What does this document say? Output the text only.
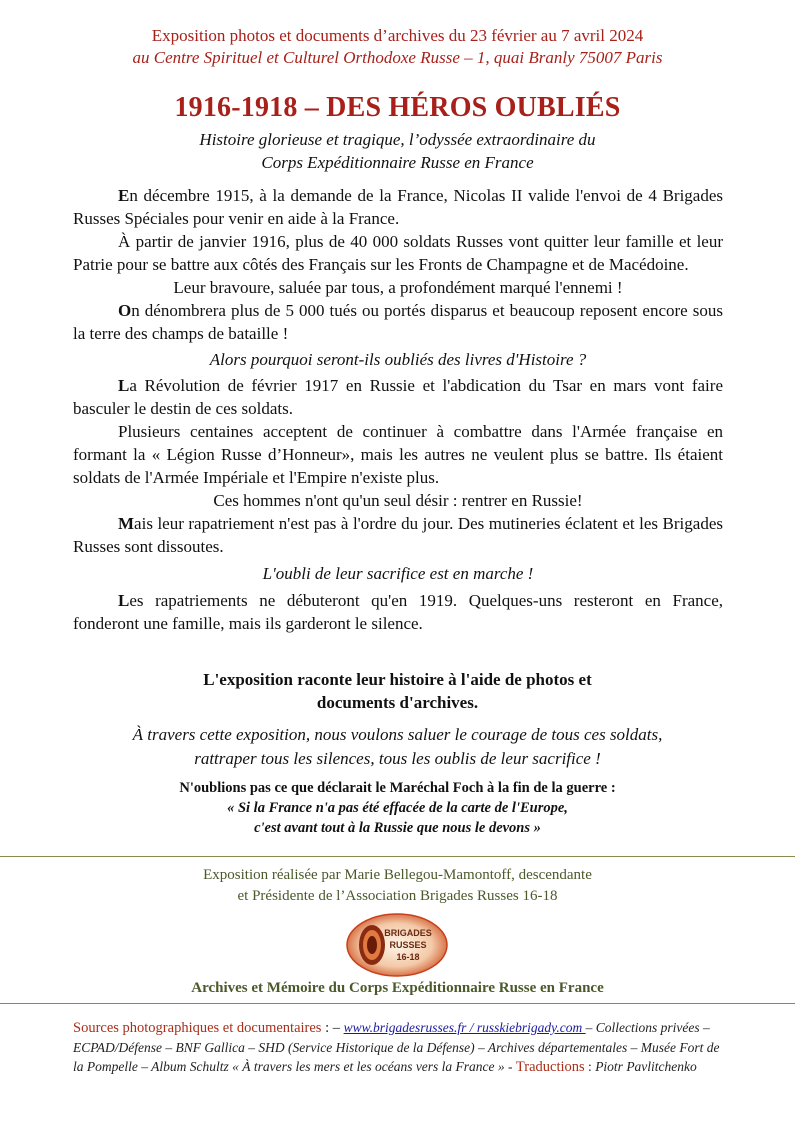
Exposition photos et documents d’archives du 23 février au 7 avril 2024
au Centre Spirituel et Culturel Orthodoxe Russe – 1, quai Branly 75007 Paris
1916-1918 – DES HÉROS OUBLIÉS
Histoire glorieuse et tragique, l’odyssée extraordinaire du
Corps Expéditionnaire Russe en France

En décembre 1915, à la demande de la France, Nicolas II valide l'envoi de 4 Brigades Russes Spéciales pour venir en aide à la France.

À partir de janvier 1916, plus de 40 000 soldats Russes vont quitter leur famille et leur Patrie pour se battre aux côtés des Français sur les Fronts de Champagne et de Macédoine.

Leur bravoure, saluée par tous, a profondément marqué l'ennemi !

On dénombrera plus de 5 000 tués ou portés disparus et beaucoup reposent encore sous la terre des champs de bataille !

Alors pourquoi seront-ils oubliés des livres d'Histoire ?

La Révolution de février 1917 en Russie et l'abdication du Tsar en mars vont faire basculer le destin de ces soldats.

Plusieurs centaines acceptent de continuer à combattre dans l'Armée française en formant la « Légion Russe d’Honneur», mais les autres ne veulent plus se battre. Ils étaient soldats de l'Armée Impériale et l'Empire n'existe plus.

Ces hommes n'ont qu'un seul désir : rentrer en Russie!

Mais leur rapatriement n'est pas à l'ordre du jour. Des mutineries éclatent et les Brigades Russes sont dissoutes.

L'oubli de leur sacrifice est en marche !

Les rapatriements ne débuteront qu'en 1919. Quelques-uns resteront en France, fonderont une famille, mais ils garderont le silence.

L'exposition raconte leur histoire à l'aide de photos et
documents d'archives.
À travers cette exposition, nous voulons saluer le courage de tous ces soldats,
rattraper tous les silences, tous les oublis de leur sacrifice !
N'oublions pas ce que déclarait le Maréchal Foch à la fin de la guerre :
« Si la France n'a pas été effacée de la carte de l'Europe,
c'est avant tout à la Russie que nous le devons »
Exposition réalisée par Marie Bellegou-Mamontoff, descendante
et Présidente de l’Association Brigades Russes 16-18
BRIGADES
RUSSES
16-18
Archives et Mémoire du Corps Expéditionnaire Russe en France
Sources photographiques et documentaires : – www.brigadesrusses.fr / russkiebrigady.com – Collections privées – ECPAD/Défense – BNF Gallica – SHD (Service Historique de la Défense) – Archives départementales – Musée Fort de la Pompelle – Album Schultz « À travers les mers et les océans vers la France » - Traductions : Piotr Pavlitchenko
